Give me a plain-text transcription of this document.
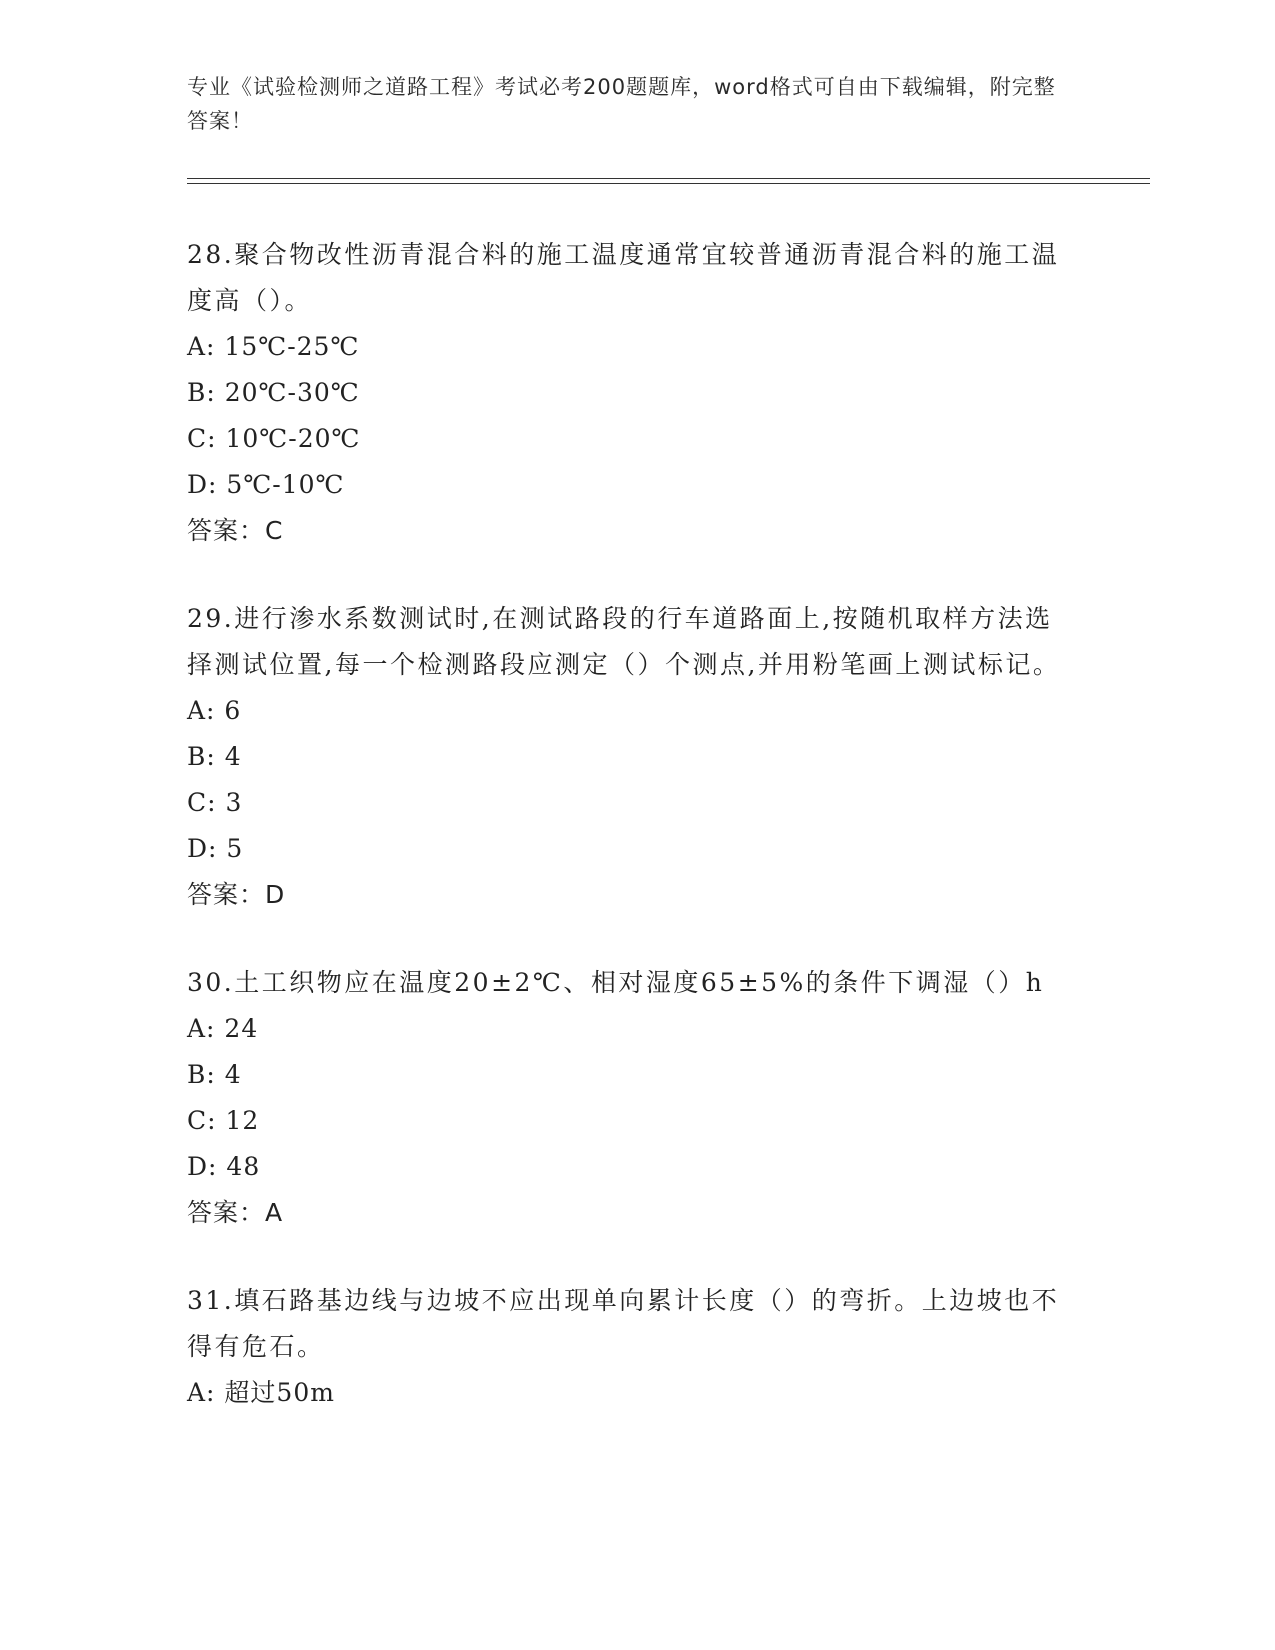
专业《试验检测师之道路工程》考试必考200题题库，word格式可自由下载编辑，附完整答案！

28.聚合物改性沥青混合料的施工温度通常宜较普通沥青混合料的施工温度高（）。

A: 15℃-25℃

B: 20℃-30℃

C: 10℃-20℃

D: 5℃-10℃

答案：C

29.进行渗水系数测试时,在测试路段的行车道路面上,按随机取样方法选择测试位置,每一个检测路段应测定（）个测点,并用粉笔画上测试标记。

A: 6

B: 4

C: 3

D: 5

答案：D

30.土工织物应在温度20±2℃、相对湿度65±5%的条件下调湿（）h

A: 24

B: 4

C: 12

D: 48

答案：A

31.填石路基边线与边坡不应出现单向累计长度（）的弯折。上边坡也不得有危石。

A: 超过50m
